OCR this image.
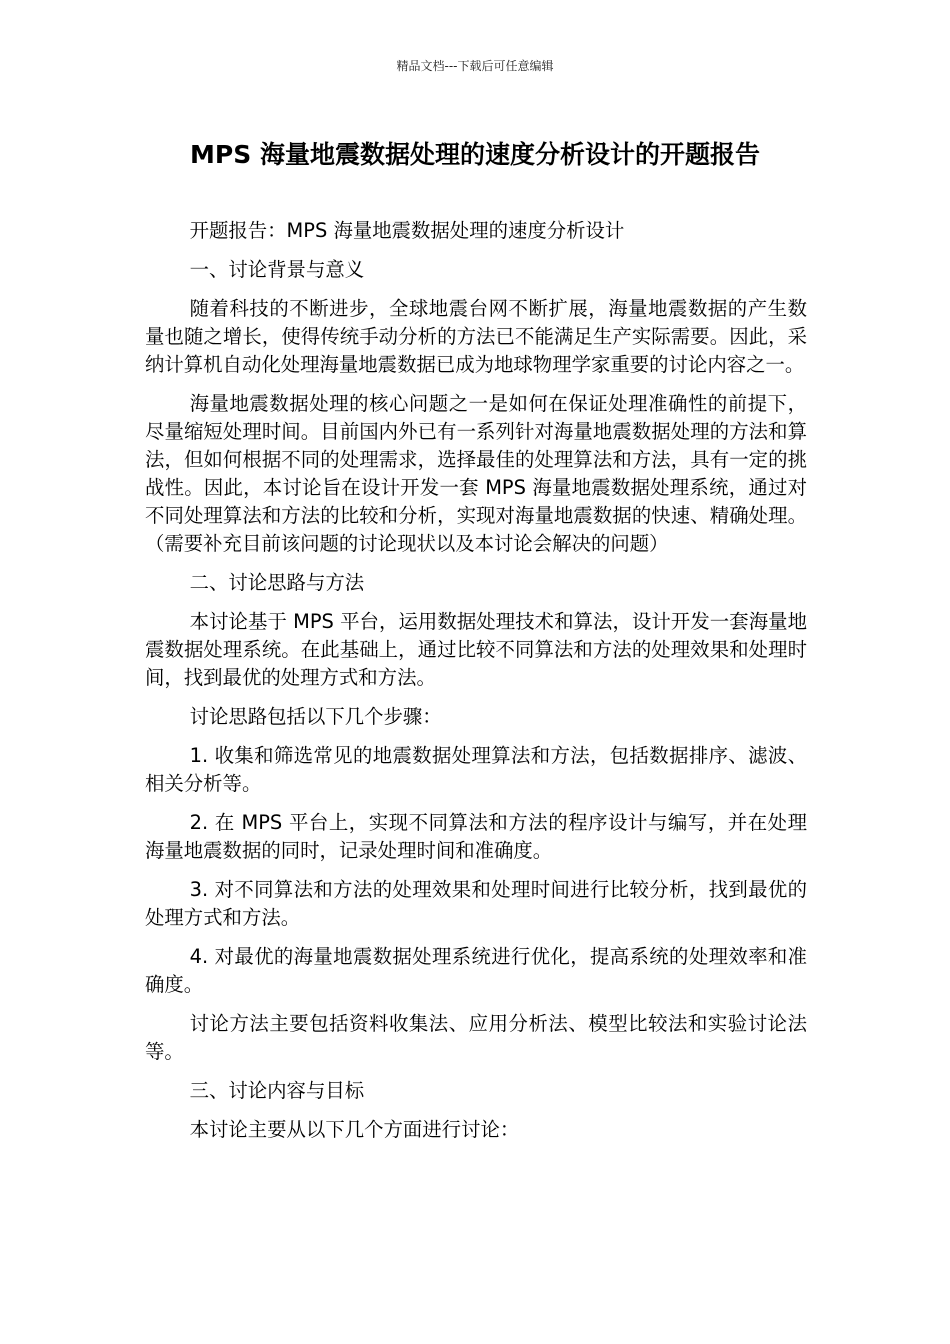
精品文档---下载后可任意编辑
MPS 海量地震数据处理的速度分析设计的开题报告

开题报告：MPS 海量地震数据处理的速度分析设计

一、讨论背景与意义

随着科技的不断进步，全球地震台网不断扩展，海量地震数据的产生数量也随之增长，使得传统手动分析的方法已不能满足生产实际需要。因此，采纳计算机自动化处理海量地震数据已成为地球物理学家重要的讨论内容之一。

海量地震数据处理的核心问题之一是如何在保证处理准确性的前提下，尽量缩短处理时间。目前国内外已有一系列针对海量地震数据处理的方法和算法，但如何根据不同的处理需求，选择最佳的处理算法和方法，具有一定的挑战性。因此，本讨论旨在设计开发一套 MPS 海量地震数据处理系统，通过对不同处理算法和方法的比较和分析，实现对海量地震数据的快速、精确处理。（需要补充目前该问题的讨论现状以及本讨论会解决的问题）

二、讨论思路与方法

本讨论基于 MPS 平台，运用数据处理技术和算法，设计开发一套海量地震数据处理系统。在此基础上，通过比较不同算法和方法的处理效果和处理时间，找到最优的处理方式和方法。

讨论思路包括以下几个步骤：

1. 收集和筛选常见的地震数据处理算法和方法，包括数据排序、滤波、相关分析等。

2. 在 MPS 平台上，实现不同算法和方法的程序设计与编写，并在处理海量地震数据的同时，记录处理时间和准确度。

3. 对不同算法和方法的处理效果和处理时间进行比较分析，找到最优的处理方式和方法。

4. 对最优的海量地震数据处理系统进行优化，提高系统的处理效率和准确度。

讨论方法主要包括资料收集法、应用分析法、模型比较法和实验讨论法等。

三、讨论内容与目标

本讨论主要从以下几个方面进行讨论：
